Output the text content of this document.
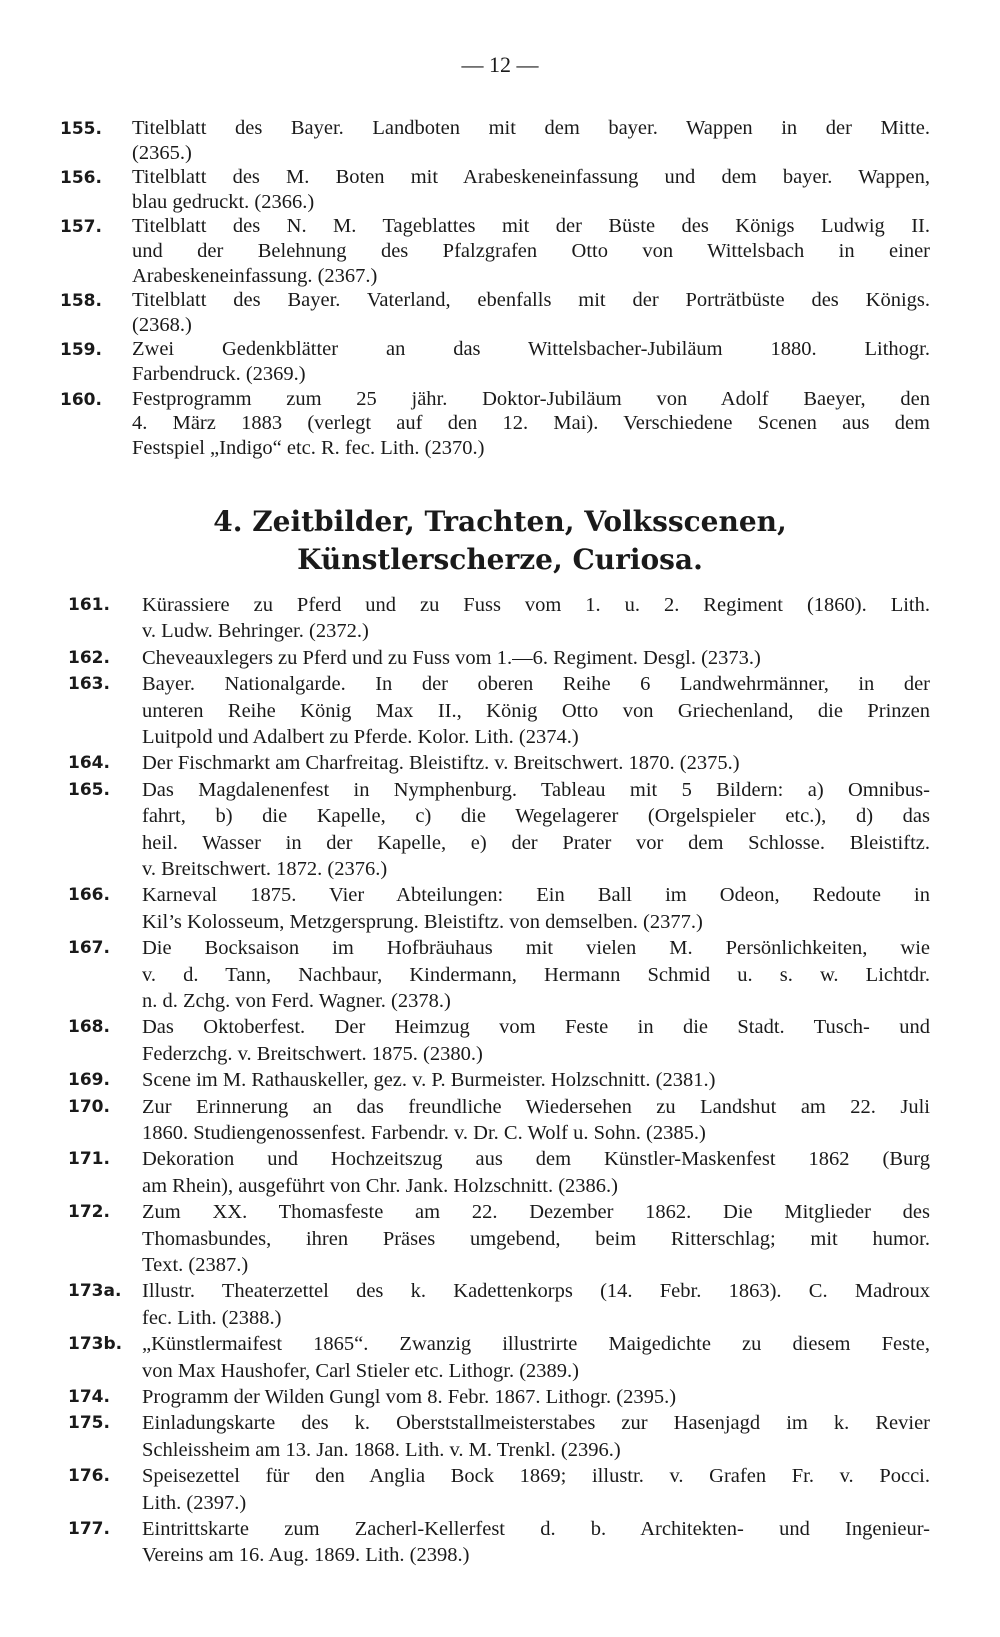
— 12 —
155. Titelblatt des Bayer. Landboten mit dem bayer. Wappen in der Mitte.
(2365.)
156. Titelblatt des M. Boten mit Arabeskeneinfassung und dem bayer. Wappen,
blau gedruckt. (2366.)
157. Titelblatt des N. M. Tageblattes mit der Büste des Königs Ludwig II.
und der Belehnung des Pfalzgrafen Otto von Wittelsbach in einer
Arabeskeneinfassung. (2367.)
158. Titelblatt des Bayer. Vaterland, ebenfalls mit der Porträtbüste des Königs.
(2368.)
159. Zwei Gedenkblätter an das Wittelsbacher-Jubiläum 1880. Lithogr.
Farbendruck. (2369.)
160. Festprogramm zum 25 jähr. Doktor-Jubiläum von Adolf Baeyer, den
4. März 1883 (verlegt auf den 12. Mai). Verschiedene Scenen aus dem
Festspiel „Indigo“ etc. R. fec. Lith. (2370.)
4. Zeitbilder, Trachten, Volksscenen,
Künstlerscherze, Curiosa.
161. Kürassiere zu Pferd und zu Fuss vom 1. u. 2. Regiment (1860). Lith.
v. Ludw. Behringer. (2372.)
162. Cheveauxlegers zu Pferd und zu Fuss vom 1.—6. Regiment. Desgl. (2373.)
163. Bayer. Nationalgarde. In der oberen Reihe 6 Landwehrmänner, in der
unteren Reihe König Max II., König Otto von Griechenland, die Prinzen
Luitpold und Adalbert zu Pferde. Kolor. Lith. (2374.)
164. Der Fischmarkt am Charfreitag. Bleistiftz. v. Breitschwert. 1870. (2375.)
165. Das Magdalenenfest in Nymphenburg. Tableau mit 5 Bildern: a) Omnibus-
fahrt, b) die Kapelle, c) die Wegelagerer (Orgelspieler etc.), d) das
heil. Wasser in der Kapelle, e) der Prater vor dem Schlosse. Bleistiftz.
v. Breitschwert. 1872. (2376.)
166. Karneval 1875. Vier Abteilungen: Ein Ball im Odeon, Redoute in
Kil’s Kolosseum, Metzgersprung. Bleistiftz. von demselben. (2377.)
167. Die Bocksaison im Hofbräuhaus mit vielen M. Persönlichkeiten, wie
v. d. Tann, Nachbaur, Kindermann, Hermann Schmid u. s. w. Lichtdr.
n. d. Zchg. von Ferd. Wagner. (2378.)
168. Das Oktoberfest. Der Heimzug vom Feste in die Stadt. Tusch- und
Federzchg. v. Breitschwert. 1875. (2380.)
169. Scene im M. Rathauskeller, gez. v. P. Burmeister. Holzschnitt. (2381.)
170. Zur Erinnerung an das freundliche Wiedersehen zu Landshut am 22. Juli
1860. Studiengenossenfest. Farbendr. v. Dr. C. Wolf u. Sohn. (2385.)
171. Dekoration und Hochzeitszug aus dem Künstler-Maskenfest 1862 (Burg
am Rhein), ausgeführt von Chr. Jank. Holzschnitt. (2386.)
172. Zum XX. Thomasfeste am 22. Dezember 1862. Die Mitglieder des
Thomasbundes, ihren Präses umgebend, beim Ritterschlag; mit humor.
Text. (2387.)
173a. Illustr. Theaterzettel des k. Kadettenkorps (14. Febr. 1863). C. Madroux
fec. Lith. (2388.)
173b. „Künstlermaifest 1865“. Zwanzig illustrirte Maigedichte zu diesem Feste,
von Max Haushofer, Carl Stieler etc. Lithogr. (2389.)
174. Programm der Wilden Gungl vom 8. Febr. 1867. Lithogr. (2395.)
175. Einladungskarte des k. Oberststallmeisterstabes zur Hasenjagd im k. Revier
Schleissheim am 13. Jan. 1868. Lith. v. M. Trenkl. (2396.)
176. Speisezettel für den Anglia Bock 1869; illustr. v. Grafen Fr. v. Pocci.
Lith. (2397.)
177. Eintrittskarte zum Zacherl-Kellerfest d. b. Architekten- und Ingenieur-
Vereins am 16. Aug. 1869. Lith. (2398.)
